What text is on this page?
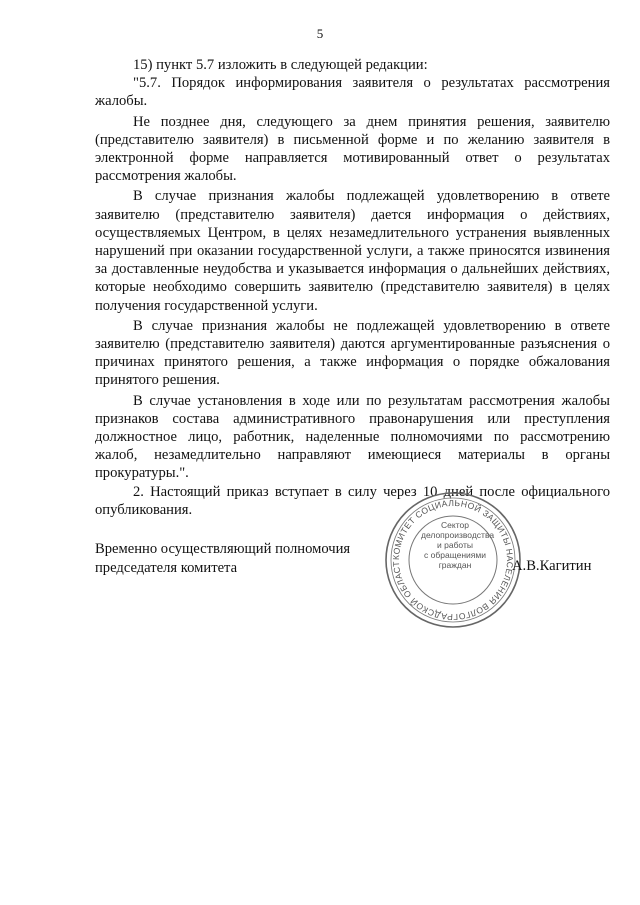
5

15) пункт 5.7 изложить в следующей редакции:

"5.7. Порядок информирования заявителя о результатах рассмотрения жалобы.

Не позднее дня, следующего за днем принятия решения, заявителю (представителю заявителя) в письменной форме и по желанию заявителя в электронной форме направляется мотивированный ответ о результатах рассмотрения жалобы.

В случае признания жалобы подлежащей удовлетворению в ответе заявителю (представителю заявителя) дается информация о действиях, осуществляемых Центром, в целях незамедлительного устранения выявленных нарушений при оказании государственной услуги, а также приносятся извинения за доставленные неудобства и указывается информация о дальнейших действиях, которые необходимо совершить заявителю (представителю заявителя) в целях получения государственной услуги.

В случае признания жалобы не подлежащей удовлетворению в ответе заявителю (представителю заявителя) даются аргументированные разъяснения о причинах принятого решения, а также информация о порядке обжалования принятого решения.

В случае установления в ходе или по результатам рассмотрения жалобы признаков состава административного правонарушения или преступления должностное лицо, работник, наделенные полномочиями по рассмотрению жалоб, незамедлительно направляют имеющиеся материалы в органы прокуратуры.".

2. Настоящий приказ вступает в силу через 10 дней после официального опубликования.

Временно осуществляющий полномочия
председателя комитета
КОМИТЕТ СОЦИАЛЬНОЙ ЗАЩИТЫ НАСЕЛЕНИЯ ВОЛГОГРАДСКОЙ ОБЛАСТ
Сектор
делопроизводства
и работы
с обращениями
граждан	А.В.Кагитин
